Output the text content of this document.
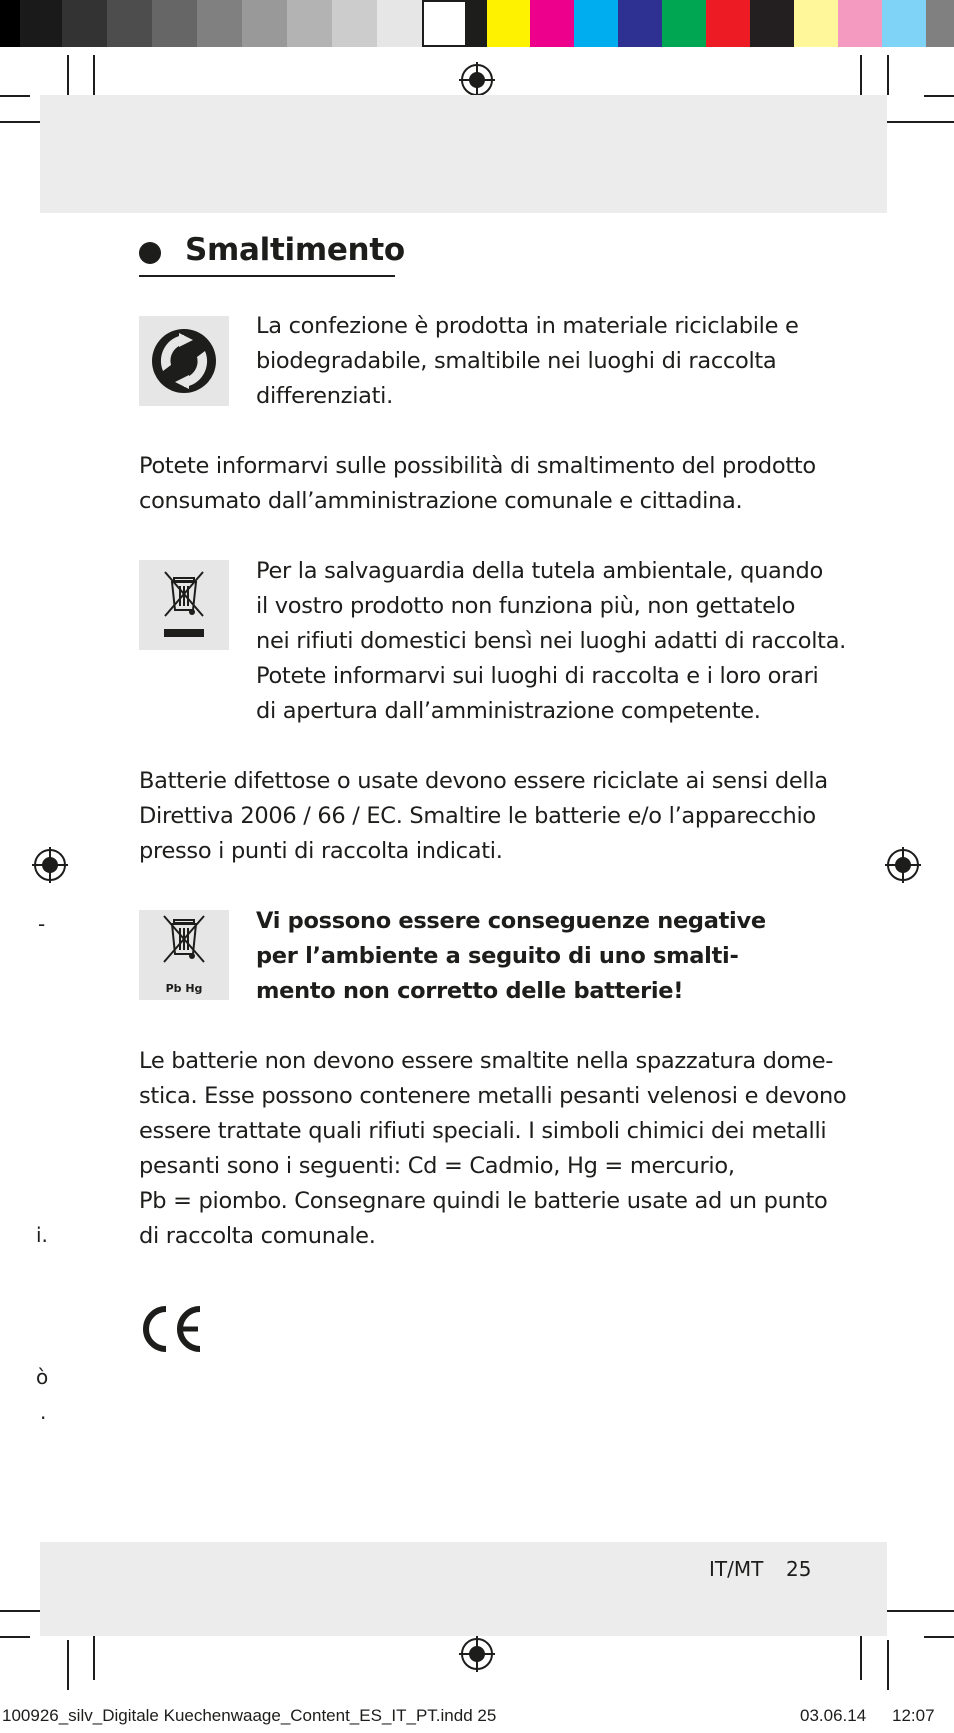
Smaltimento
La confezione è prodotta in materiale riciclabile e
biodegradabile, smaltibile nei luoghi di raccolta
differenziati.
Potete informarvi sulle possibilità di smaltimento del prodotto
consumato dall’amministrazione comunale e cittadina.
Per la salvaguardia della tutela ambientale, quando
il vostro prodotto non funziona più, non gettatelo
nei rifiuti domestici bensì nei luoghi adatti di raccolta.
Potete informarvi sui luoghi di raccolta e i loro orari
di apertura dall’amministrazione competente.
Batterie difettose o usate devono essere riciclate ai sensi della
Direttiva 2006 / 66 / EC. Smaltire le batterie e/o l’apparecchio
presso i punti di raccolta indicati.
Pb Hg
Vi possono essere conseguenze negative
per l’ambiente a seguito di uno smalti-
mento non corretto delle batterie!
Le batterie non devono essere smaltite nella spazzatura dome-
stica. Esse possono contenere metalli pesanti velenosi e devono
essere trattate quali rifiuti speciali. I simboli chimici dei metalli
pesanti sono i seguenti: Cd = Cadmio, Hg = mercurio,
Pb = piombo. Consegnare quindi le batterie usate ad un punto
di raccolta comunale.
-
i.
ò
.
IT/MT 25
100926_silv_Digitale Kuechenwaage_Content_ES_IT_PT.indd 25	03.06.14 12:07
